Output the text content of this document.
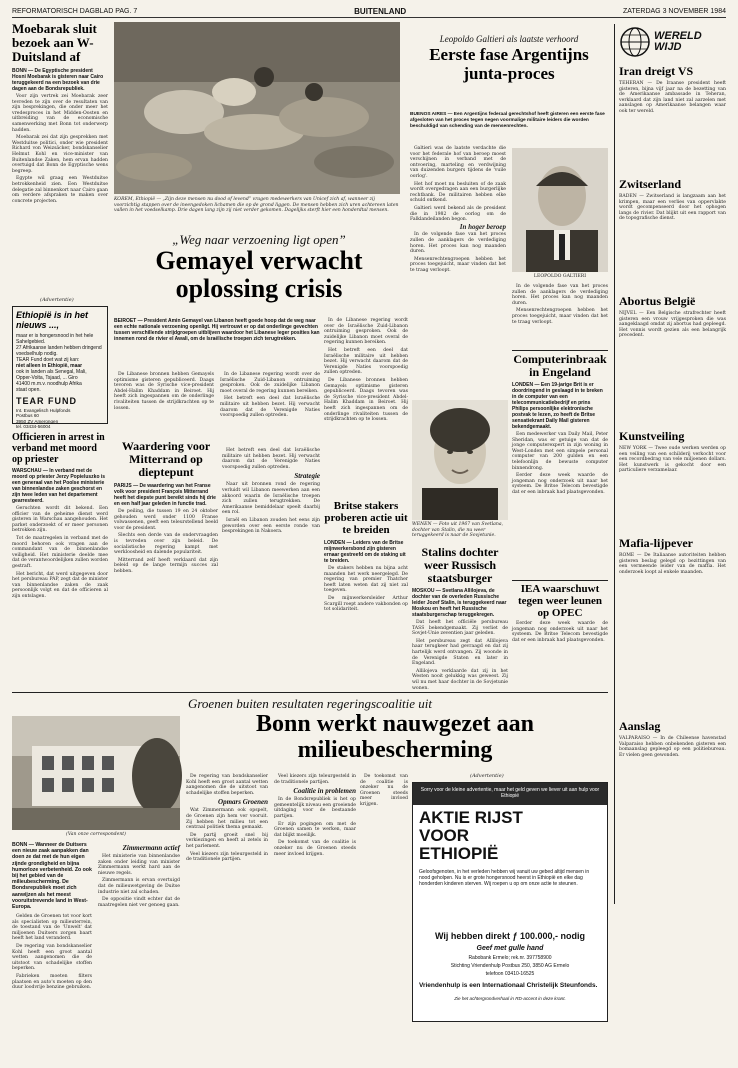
REFORMATORISCH DAGBLAD PAG. 7	BUITENLAND	ZATERDAG 3 NOVEMBER 1984
Moebarak sluit bezoek aan W-Duitsland af
BONN — De Egyptische president Hosni Moebarak is gisteren naar Cairo teruggekeerd na een bezoek van drie dagen aan de Bondsrepubliek.

Voor zijn vertrek zei Moebarak zeer tevreden te zijn over de resultaten van zijn besprekingen, die onder meer het vredesproces in het Midden-Oosten en uitbreiding van de economische samenwerking met Bonn tot onderwerp hadden.

Moebarak zei dat zijn gesprekken met Westduitse politici, onder wie president Richard von Weizsäcker, bondskanselier Helmut Kohl en vice-minister van Buitenlandse Zaken, hem ervan hadden overtuigd dat Bonn de Egyptische wens begreep.

Egypte wil graag een Westduitse betrokkenheid zien. Een Westduitse delegatie zal binnenkort naar Cairo gaan om verdere afspraken te maken over concrete projecten.

(Advertentie)
Ethiopië is in het nieuws ...,
maar er is hongersnood in het hele Sahelgebied.
27 Afrikaanse landen hebben dringend voedselhulp nodig.
TEAR Fund doet wat zij kan:
niet alleen in Ethiopië, maar
ook in landen als Senegal, Mali,
Opper-Volta, Tsjaad, ... Giro
41400 m.m.v. noodhulp Afrika
staat open.
TEAR FUND
Int. Evangelisch Hulpfonds
Postbus 60
3950 ZV Amerongen
tel. 03434-56004
Officieren in arrest in verband met moord op priester
WARSCHAU — In verband met de moord op priester Jerzy Popieluszko is een generaal van het Poolse ministerie van binnenlandse zaken geschorst en zijn twee leden van het departement gearresteerd.

Geruchten wordt dit bekend. Een officier van de geheime dienst werd gisteren in Warschau aangehouden. Het parket onderzoekt of er meer personen betrokken zijn.

Tot de maatregelen in verband met de moord behoren ook vragen aan de commandant van de binnenlandse veiligheid. Het ministerie deelde mee dat de verantwoordelijken zullen worden gestraft.

Het bericht, dat werd uitgegeven door het persbureau PAP, zegt dat de minister van binnenlandse zaken de zaak persoonlijk volgt en dat de officieren al zijn ontslagen.

KOREM, Ethiopië — „Zijn deze mensen nu dood of levend” vragen medewerkers van Unicef zich af, wanneer zij voorzichtig stappen over de ineengedoken lichamen die op de grond liggen. De mensen hebben zich uren achtereen laten vallen in het voedselkamp. Drie dagen lang zijn zij niet verder gekomen. Dagelijks sterft hier een honderdtal mensen.
„Weg naar verzoening ligt open”
Gemayel verwacht oplossing crisis
BEIROET — President Amin Gemayel van Libanon heeft goede hoop dat de weg naar een echte nationale verzoening openligt. Hij vertrouwt er op dat onderlinge gevechten tussen verschillende strijdgroepen uitblijven waardoor het Libanese leger posities kan innemen rond de rivier el Awali, om de Israëlische troepen zich terugtrekken.

De Libanese bronnen hebben Gemayels optimisme gisteren gepubliceerd. Daags tevoren was de Syrische vice-president Abdel-Halim Khaddam in Beiroet. Hij heeft zich ingespannen om de onderlinge rivaliteiten tussen de strijdkrachten op te lossen.

In de Libanese regering wordt over de Israëlische Zuid-Libanon ontruiming gesproken. Ook de zuidelijke Libanon moet overal de regering kunnen bereiken.

Het betreft een deel dat Israëlische militaire uit hebben bezet. Hij verwacht daarom dat de Verenigde Naties voorspoedig zullen optreden.

Waardering voor Mitterrand op dieptepunt
PARIJS — De waardering van het Franse volk voor president François Mitterrand heeft het diepste punt bereikt sinds hij drie en een half jaar geleden in functie trad.

De peiling, die tussen 19 en 24 oktober gehouden werd onder 1100 Franse volwassenen, geeft een teleurstellend beeld voor de president.

Slechts een derde van de ondervraagden is tevreden over zijn beleid. De socialistische regering kampt met werkloosheid en dalende populariteit.

Mitterrand zelf heeft verklaard dat zijn beleid op de lange termijn succes zal hebben.

Het betreft een deel dat Israëlische militaire uit hebben bezet. Hij verwacht daarom dat de Verenigde Naties voorspoedig zullen optreden.

Strategie

Naar uit bronnen rond de regering verluidt wil Libanon meewerken aan een akkoord waarin de Israëlische troepen zich zullen terugtrekken. De Amerikaanse bemiddelaar speelt daarbij een rol.

Israël en Libanon zouden het eens zijn geworden over een eerste ronde van besprekingen in Nakoera.

In de Libanese regering wordt over de Israëlische Zuid-Libanon ontruiming gesproken. Ook de zuidelijke Libanon moet overal de regering kunnen bereiken.

Het betreft een deel dat Israëlische militaire uit hebben bezet. Hij verwacht daarom dat de Verenigde Naties voorspoedig zullen optreden.

De Libanese bronnen hebben Gemayels optimisme gisteren gepubliceerd. Daags tevoren was de Syrische vice-president Abdel-Halim Khaddam in Beiroet. Hij heeft zich ingespannen om de onderlinge rivaliteiten tussen de strijdkrachten op te lossen.

Britse stakers proberen actie uit te breiden
LONDEN — Leiders van de Britse mijnwerkersbond zijn gisteren ernaar gestreefd om de staking uit te breiden.

De stakers hebben nu bijna acht maanden het werk neergelegd. De regering van premier Thatcher heeft laten weten dat zij niet zal toegeven.

De mijnwerkersleider Arthur Scargill roept andere vakbonden op tot solidariteit.

WENEN — Foto uit 1967 van Svetlana, dochter van Stalin, die nu weer teruggekeerd is naar de Sovjetunie.
Stalins dochter weer Russisch staatsburger
MOSKOU — Svetlana Allilojeva, de dochter van de overleden Russische leider Jozef Stalin, is teruggekeerd naar Moskou en heeft het Russische staatsburgerschap teruggekregen.

Dat heeft het officiële persbureau TASS bekendgemaakt. Zij verliet de Sovjet-Unie zeventien jaar geleden.

Het persbureau zegt dat Allilojeva haar terugkeer had gevraagd en dat zij hartelijk werd ontvangen. Zij woonde in de Verenigde Staten en later in Engeland.

Allilojeva verklaarde dat zij in het Westen nooit gelukkig was geweest. Zij wil nu met haar dochter in de Sovjetunie wonen.

Leopoldo Galtieri als laatste verhoord
Eerste fase Argentijns junta-proces
BUENOS AIRES — Een Argentijns federaal gerechtshof heeft gisteren een eerste fase afgesloten van het proces tegen negen voormalige militaire leiders die worden beschuldigd van schending van de mensenrechten.

Galtieri was de laatste verdachte die voor het federale hof van beroep moest verschijnen in verband met de ontvoering, marteling en verdwijning van duizenden burgers tijdens de 'vuile oorlog'.

Het hof moet nu besluiten of de zaak wordt overgedragen aan een burgerlijke rechtbank. De militairen hebben elke schuld ontkend.

Galtieri werd bekend als de president die in 1982 de oorlog om de Falklandeilanden begon.

In hoger beroep

In de volgende fase van het proces zullen de aanklagers de verdediging horen. Het proces kan nog maanden duren.

Mensenrechtengroepen hebben het proces toegejuicht, maar vinden dat het te traag verloopt.

LEOPOLDO GALTIERI

In de volgende fase van het proces zullen de aanklagers de verdediging horen. Het proces kan nog maanden duren.

Mensenrechtengroepen hebben het proces toegejuicht, maar vinden dat het te traag verloopt.

Computerinbraak in Engeland
LONDEN — Een 19-jarige Brit is er doordringend in geslaagd in te breken in de computer van een telecommunicatiebedrijf en prins Philips persoonlijke elektronische postvak te lezen, zo heeft de Britse sensatiekrant Daily Mail gisteren bekendgemaakt.

Een medewerker van Daily Mail, Peter Sheridan, was er getuige van dat de jonge computerexpert in zijn woning in West-Londen met een simpele personal computer van 200 gulden en een telefoonlijn de bewuste computer binnendrong.

Eerder deze week waarde de jongeman nog onderzoek uit naar het systeem. De Britse Telecom bevestigde dat er een inbraak had plaatsgevonden.

IEA waarschuwt tegen weer leunen op OPEC

Eerder deze week waarde de jongeman nog onderzoek uit naar het systeem. De Britse Telecom bevestigde dat er een inbraak had plaatsgevonden.

WERELD WIJD
Iran dreigt VS
TEHERAN — De Iraanse president heeft gisteren, bijna vijf jaar na de bezetting van de Amerikaanse ambassade in Teheran, verklaard dat zijn land niet zal aarzelen met aanslagen op Amerikaanse belangen waar ook ter wereld.
Zwitserland
BADEN — Zwitserland is langzaam aan het krimpen, maar een verlies van oppervlakte wordt gecompenseerd door het ophogen langs de rivier. Dat blijkt uit een rapport van de topografische dienst.
Abortus België
NIJVEL — Een Belgische strafrechter heeft gisteren een vrouw vrijgesproken die was aangeklaagd omdat zij abortus had gepleegd. Het vonnis wordt gezien als een belangrijk precedent.
Kunstveiling
NEW YORK — Twee oude werken werden op een veiling van een schilderij verkocht voor een recordbedrag van vele miljoenen dollars. Het kunstwerk is gekocht door een particuliere verzamelaar.
Mafia-lijpever
ROME — De Italiaanse autoriteiten hebben gisteren beslag gelegd op bezittingen van een vermeende leider van de maffia. Het onderzoek loopt al enkele maanden.
Aanslag
VALPARAISO — In de Chileense havenstad Valparaiso hebben onbekenden gisteren een bomaanslag gepleegd op een politiebureau. Er vielen geen gewonden.
Groenen buiten resultaten regeringscoalitie uit
Bonn werkt nauwgezet aan milieubescherming
(Van onze correspondent)
BONN — Wanneer de Duitsers een nieuw zaak aanpakken dan doen ze dat met de hun eigen zijnde grondigheid en bijna humorloze verbetenheid. Zo ook bij het gebied van de milieubescherming. De Bondsrepubliek moet zich aanwijzen als het meest vooruitstrevende land in West-Europa.

Gelden de Groenen tot voor kort als specialisten op milieuterrein, de toestand van de 'Unwelt' dat miljoenen Duitsers zorgen baart heeft het land veranderd.

De regering van bondskanselier Kohl heeft een groot aantal wetten aangenomen die de uitstoot van schadelijke stoffen beperken.

Fabrieken moeten filters plaatsen en auto's moeten op den duur loodvrije benzine gebruiken.

Zimmermann actief

Het ministerie van binnenlandse zaken onder leiding van minister Zimmermann werkt hard aan de nieuwe regels.

Zimmermann is ervan overtuigd dat de milieuwetgeving de Duitse industrie niet zal schaden.

De oppositie vindt echter dat de maatregelen niet ver genoeg gaan.

De regering van bondskanselier Kohl heeft een groot aantal wetten aangenomen die de uitstoot van schadelijke stoffen beperken.

Opmars Groenen

Wat Zimmermann ook opspelt, de Groenen zijn hem ver vooruit. Zij hebben het milieu tot een centraal politiek thema gemaakt.

De partij groeit snel bij verkiezingen en heeft al zetels in het parlement.

Veel kiezers zijn teleurgesteld in de traditionele partijen.

Veel kiezers zijn teleurgesteld in de traditionele partijen.

Coalitie in problemen

In de Bondsrepubliek is het op gemeentelijk niveau een groeiende uitdaging voor de bestaande partijen.

Er zijn pogingen om met de Groenen samen te werken, maar dat blijkt moeilijk.

De toekomst van de coalitie is onzeker nu de Groenen steeds meer invloed krijgen.

De toekomst van de coalitie is onzeker nu de Groenen steeds meer invloed krijgen.

(Advertentie)
Sorry voor de kleine advertentie, maar het geld geven we liever uit aan hulp voor Ethiopië
AKTIE RIJST VOOR ETHIOPIË
Geloofsgenoten, in het verleden hebben wij vanuit uw gebed altijd mensen in nood geholpen. Nu is er grote hongersnood heerst in Ethiopië en elke dag honderden kinderen sterven. Wij roepen u op om onze actie te steunen.
Wij hebben direkt ƒ 100.000,- nodig
Geef met gulle hand
Rabobank Ermelo; rek.nr. 397758900
Stichting Vriendenhulp Postbus 250, 3850 AG Ermelo
telefoon 03410-16525
Vriendenhulp is een Internationaal Christelijk Steunfonds.
Zie het achtergrondverhaal in RD-accent in deze krant.
